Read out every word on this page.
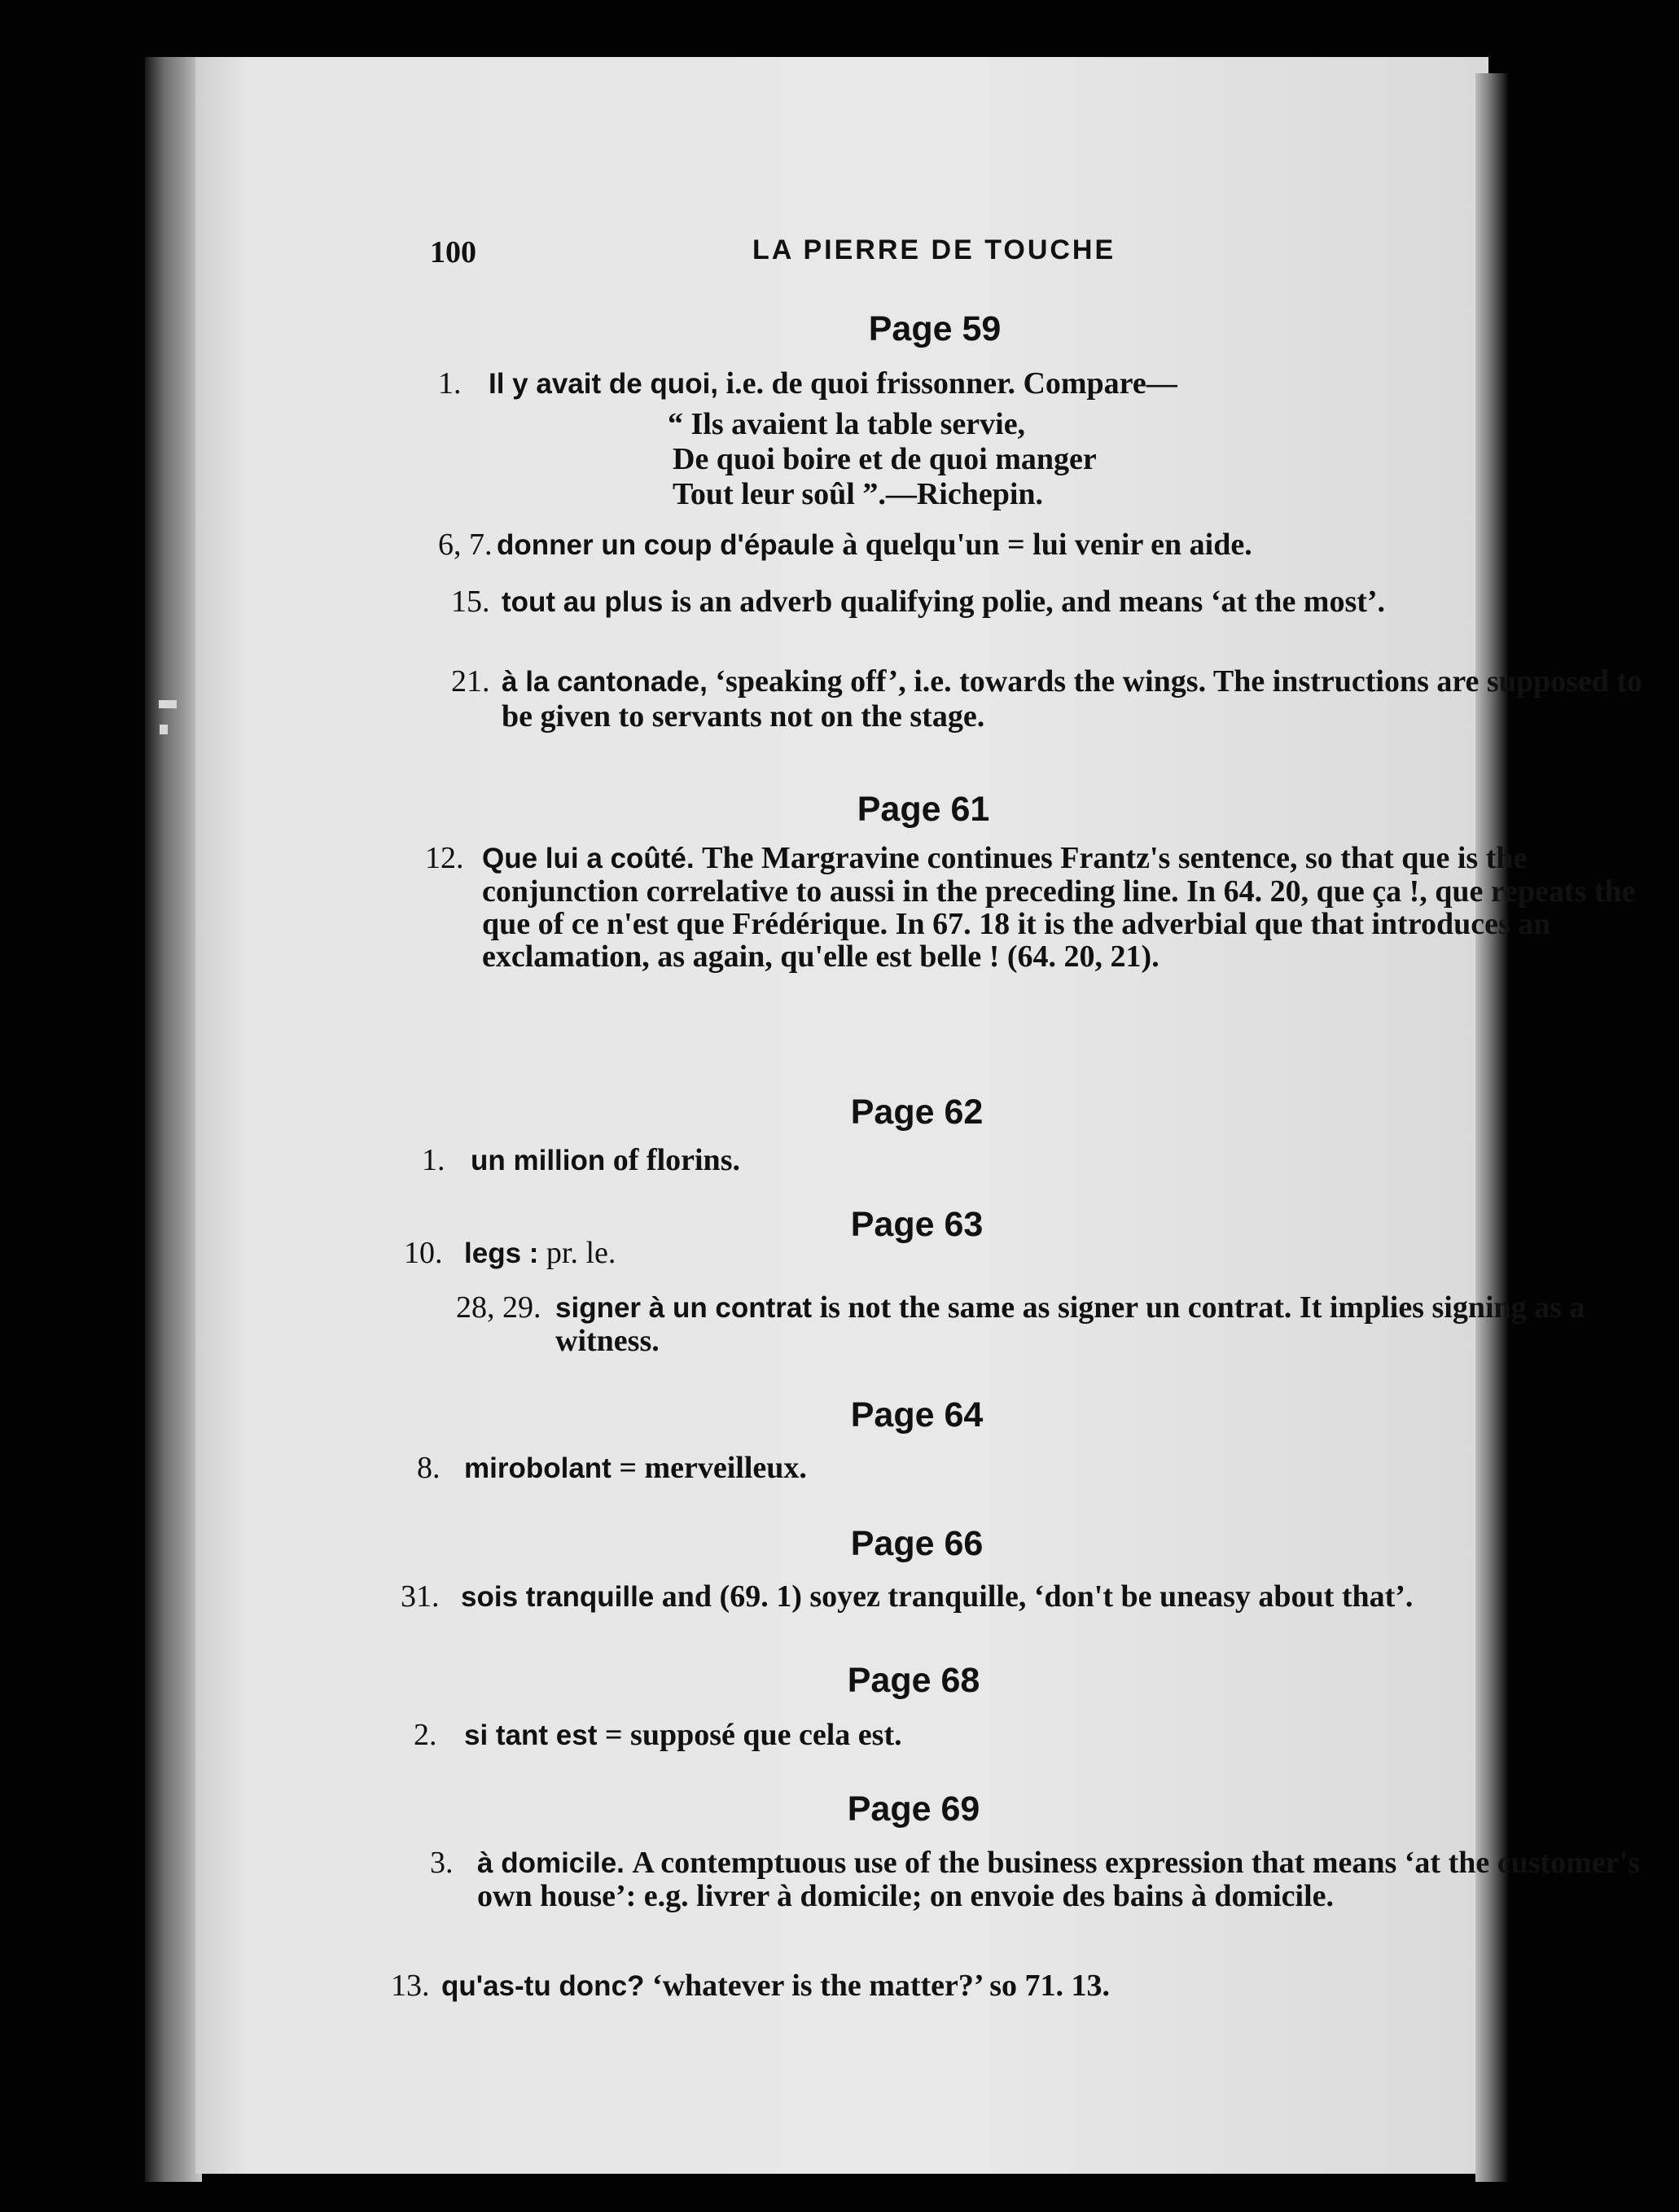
100	LA PIERRE DE TOUCHE
Page 59
1. Il y avait de quoi, i.e. de quoi frissonner. Compare—
“ Ils avaient la table servie,
De quoi boire et de quoi manger
Tout leur soûl ”.—Richepin.
6, 7. donner un coup d'épaule à quelqu'un = lui venir en aide.
15. tout au plus is an adverb qualifying polie, and means ‘at the most’.
21. à la cantonade, ‘speaking off’, i.e. towards the wings. The instructions are supposed to be given to servants not on the stage.
Page 61
12. Que lui a coûté. The Margravine continues Frantz's sentence, so that que is the conjunction correlative to aussi in the preceding line. In 64. 20, que ça !, que repeats the que of ce n'est que Frédérique. In 67. 18 it is the adverbial que that introduces an exclamation, as again, qu'elle est belle ! (64. 20, 21).
Page 62
1. un million of florins.
Page 63
10. legs : pr. le.
28, 29. signer à un contrat is not the same as signer un contrat. It implies signing as a witness.
Page 64
8. mirobolant = merveilleux.
Page 66
31. sois tranquille and (69. 1) soyez tranquille, ‘don't be uneasy about that’.
Page 68
2. si tant est = supposé que cela est.
Page 69
3. à domicile. A contemptuous use of the business expression that means ‘at the customer's own house’: e.g. livrer à domicile; on envoie des bains à domicile.
13. qu'as-tu donc? ‘whatever is the matter?’ so 71. 13.
